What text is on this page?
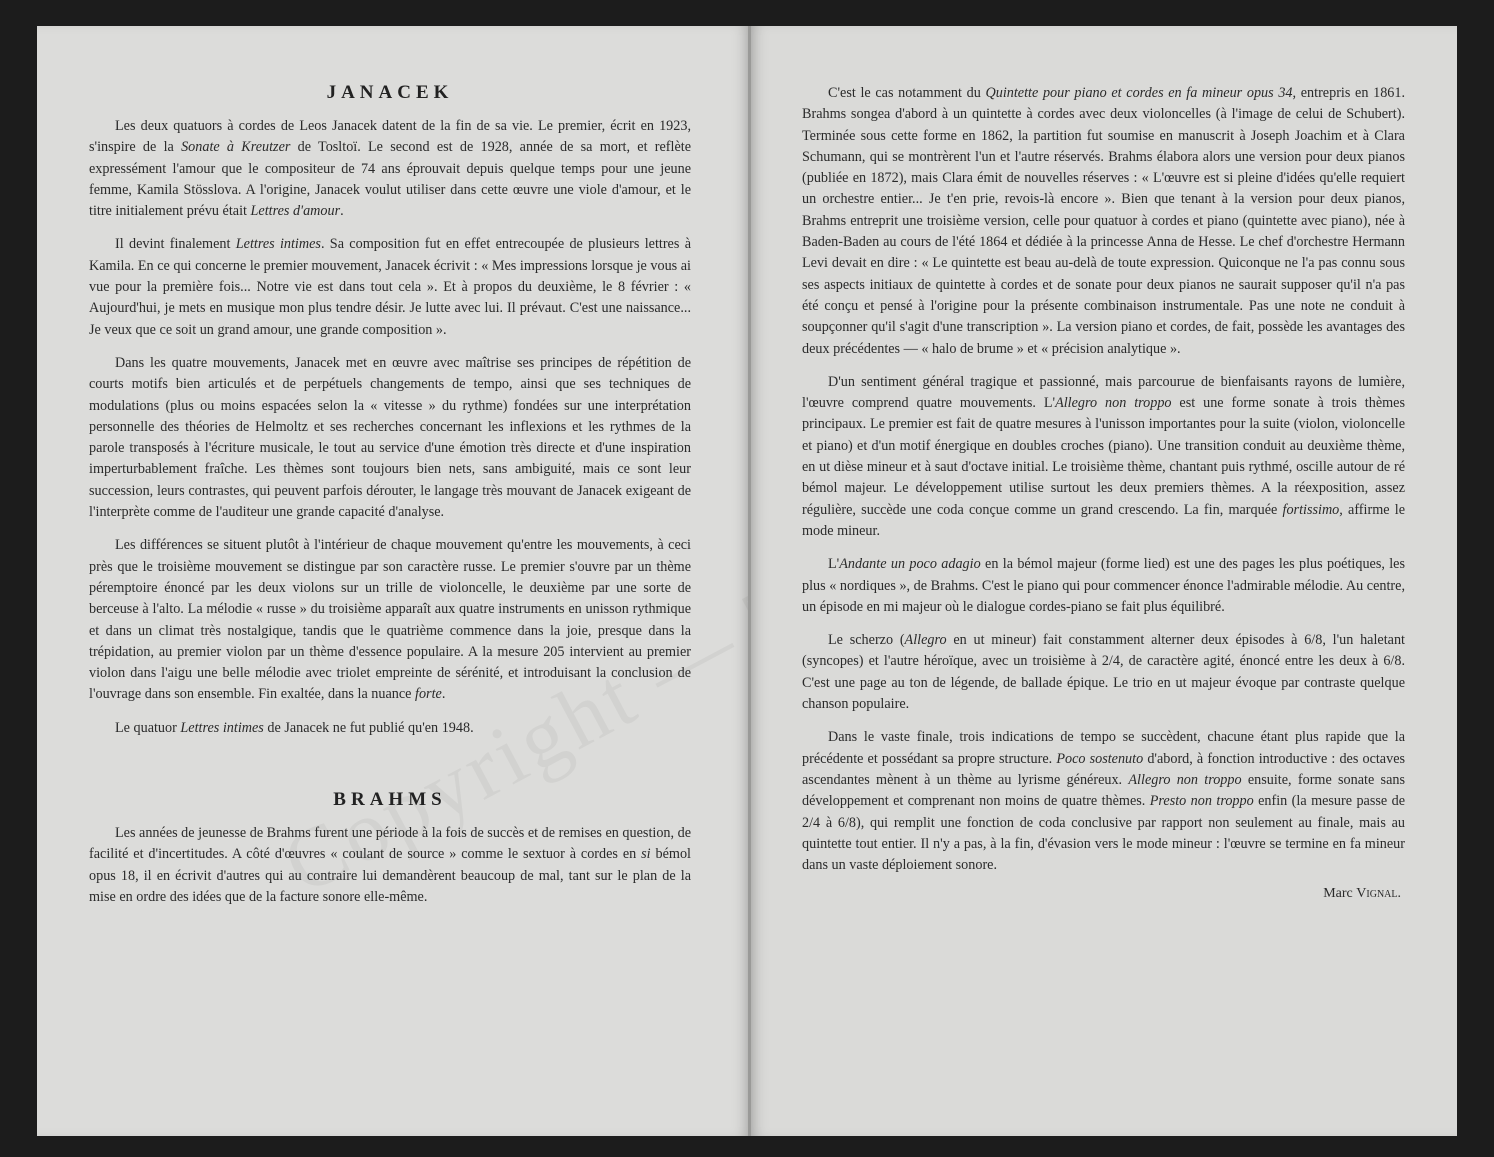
JANACEK

Les deux quatuors à cordes de Leos Janacek datent de la fin de sa vie. Le premier, écrit en 1923, s'inspire de la Sonate à Kreutzer de Tosltoï. Le second est de 1928, année de sa mort, et reflète expressément l'amour que le compositeur de 74 ans éprouvait depuis quelque temps pour une jeune femme, Kamila Stösslova. A l'origine, Janacek voulut utiliser dans cette œuvre une viole d'amour, et le titre initialement prévu était Lettres d'amour.

Il devint finalement Lettres intimes. Sa composition fut en effet entrecoupée de plusieurs lettres à Kamila. En ce qui concerne le premier mouvement, Janacek écrivit : « Mes impressions lorsque je vous ai vue pour la première fois... Notre vie est dans tout cela ». Et à propos du deuxième, le 8 février : « Aujourd'hui, je mets en musique mon plus tendre désir. Je lutte avec lui. Il prévaut. C'est une naissance... Je veux que ce soit un grand amour, une grande composition ».

Dans les quatre mouvements, Janacek met en œuvre avec maîtrise ses principes de répétition de courts motifs bien articulés et de perpétuels changements de tempo, ainsi que ses techniques de modulations (plus ou moins espacées selon la « vitesse » du rythme) fondées sur une interprétation personnelle des théories de Helmoltz et ses recherches concernant les inflexions et les rythmes de la parole transposés à l'écriture musicale, le tout au service d'une émotion très directe et d'une inspiration imperturbablement fraîche. Les thèmes sont toujours bien nets, sans ambiguité, mais ce sont leur succession, leurs contrastes, qui peuvent parfois dérouter, le langage très mouvant de Janacek exigeant de l'interprète comme de l'auditeur une grande capacité d'analyse.

Les différences se situent plutôt à l'intérieur de chaque mouvement qu'entre les mouvements, à ceci près que le troisième mouvement se distingue par son caractère russe. Le premier s'ouvre par un thème péremptoire énoncé par les deux violons sur un trille de violoncelle, le deuxième par une sorte de berceuse à l'alto. La mélodie « russe » du troisième apparaît aux quatre instruments en unisson rythmique et dans un climat très nostalgique, tandis que le quatrième commence dans la joie, presque dans la trépidation, au premier violon par un thème d'essence populaire. A la mesure 205 intervient au premier violon dans l'aigu une belle mélodie avec triolet empreinte de sérénité, et introduisant la conclusion de l'ouvrage dans son ensemble. Fin exaltée, dans la nuance forte.

Le quatuor Lettres intimes de Janacek ne fut publié qu'en 1948.

BRAHMS

Les années de jeunesse de Brahms furent une période à la fois de succès et de remises en question, de facilité et d'incertitudes. A côté d'œuvres « coulant de source » comme le sextuor à cordes en si bémol opus 18, il en écrivit d'autres qui au contraire lui demandèrent beaucoup de mal, tant sur le plan de la mise en ordre des idées que de la facture sonore elle-même.

C'est le cas notamment du Quintette pour piano et cordes en fa mineur opus 34, entrepris en 1861. Brahms songea d'abord à un quintette à cordes avec deux violoncelles (à l'image de celui de Schubert). Terminée sous cette forme en 1862, la partition fut soumise en manuscrit à Joseph Joachim et à Clara Schumann, qui se montrèrent l'un et l'autre réservés. Brahms élabora alors une version pour deux pianos (publiée en 1872), mais Clara émit de nouvelles réserves : « L'œuvre est si pleine d'idées qu'elle requiert un orchestre entier... Je t'en prie, revois-là encore ». Bien que tenant à la version pour deux pianos, Brahms entreprit une troisième version, celle pour quatuor à cordes et piano (quintette avec piano), née à Baden-Baden au cours de l'été 1864 et dédiée à la princesse Anna de Hesse. Le chef d'orchestre Hermann Levi devait en dire : « Le quintette est beau au-delà de toute expression. Quiconque ne l'a pas connu sous ses aspects initiaux de quintette à cordes et de sonate pour deux pianos ne saurait supposer qu'il n'a pas été conçu et pensé à l'origine pour la présente combinaison instrumentale. Pas une note ne conduit à soupçonner qu'il s'agit d'une transcription ». La version piano et cordes, de fait, possède les avantages des deux précédentes — « halo de brume » et « précision analytique ».

D'un sentiment général tragique et passionné, mais parcourue de bienfaisants rayons de lumière, l'œuvre comprend quatre mouvements. L'Allegro non troppo est une forme sonate à trois thèmes principaux. Le premier est fait de quatre mesures à l'unisson importantes pour la suite (violon, violoncelle et piano) et d'un motif énergique en doubles croches (piano). Une transition conduit au deuxième thème, en ut dièse mineur et à saut d'octave initial. Le troisième thème, chantant puis rythmé, oscille autour de ré bémol majeur. Le développement utilise surtout les deux premiers thèmes. A la réexposition, assez régulière, succède une coda conçue comme un grand crescendo. La fin, marquée fortissimo, affirme le mode mineur.

L'Andante un poco adagio en la bémol majeur (forme lied) est une des pages les plus poétiques, les plus « nordiques », de Brahms. C'est le piano qui pour commencer énonce l'admirable mélodie. Au centre, un épisode en mi majeur où le dialogue cordes-piano se fait plus équilibré.

Le scherzo (Allegro en ut mineur) fait constamment alterner deux épisodes à 6/8, l'un haletant (syncopes) et l'autre héroïque, avec un troisième à 2/4, de caractère agité, énoncé entre les deux à 6/8. C'est une page au ton de légende, de ballade épique. Le trio en ut majeur évoque par contraste quelque chanson populaire.

Dans le vaste finale, trois indications de tempo se succèdent, chacune étant plus rapide que la précédente et possédant sa propre structure. Poco sostenuto d'abord, à fonction introductive : des octaves ascendantes mènent à un thème au lyrisme généreux. Allegro non troppo ensuite, forme sonate sans développement et comprenant non moins de quatre thèmes. Presto non troppo enfin (la mesure passe de 2/4 à 6/8), qui remplit une fonction de coda conclusive par rapport non seulement au finale, mais au quintette tout entier. Il n'y a pas, à la fin, d'évasion vers le mode mineur : l'œuvre se termine en fa mineur dans un vaste déploiement sonore.

Marc Vignal.
